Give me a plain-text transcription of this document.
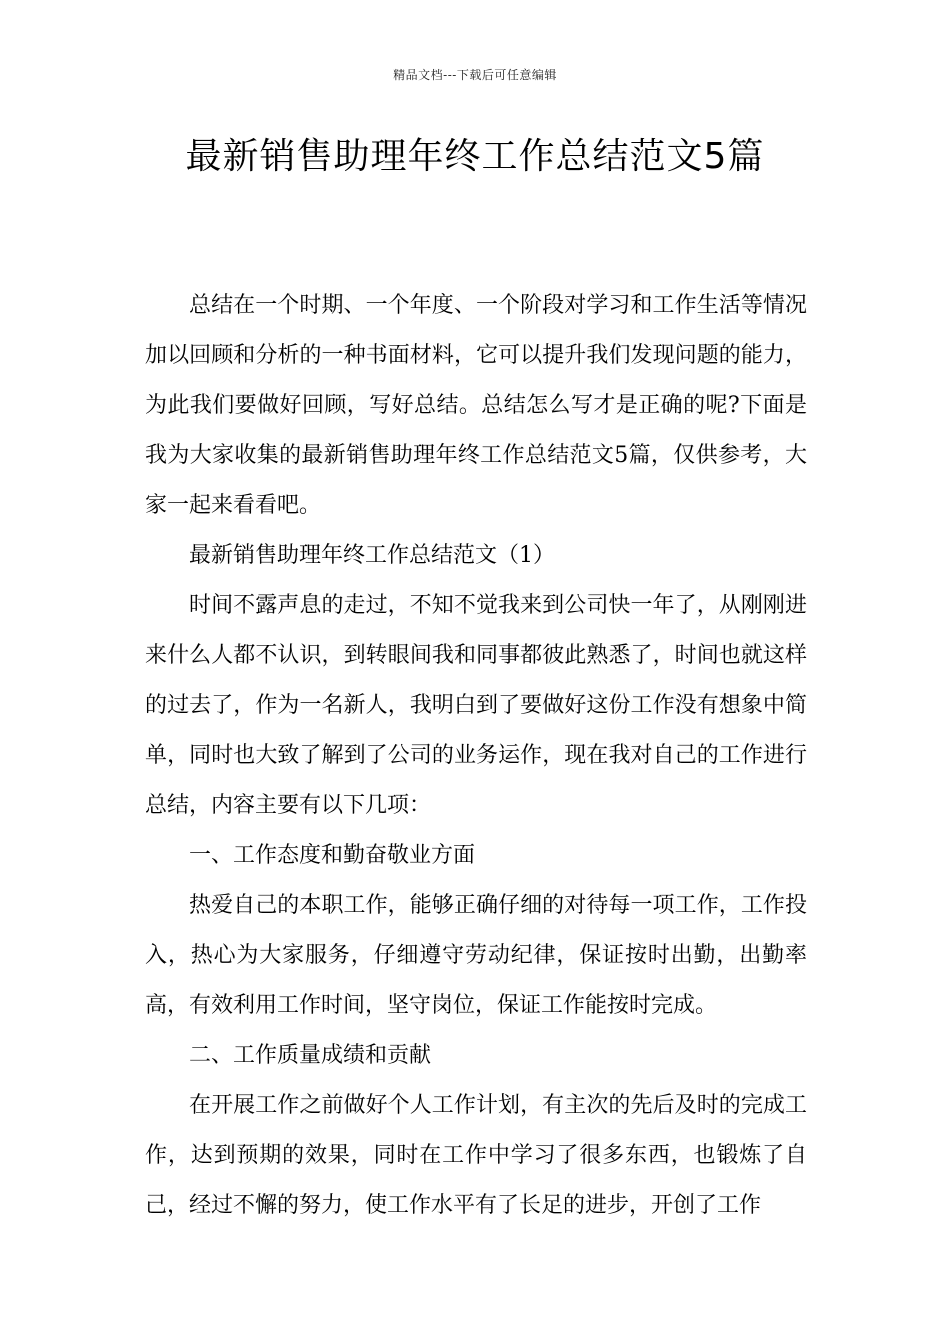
精品文档---下载后可任意编辑
最新销售助理年终工作总结范文5篇

总结在一个时期、一个年度、一个阶段对学习和工作生活等情况加以回顾和分析的一种书面材料，它可以提升我们发现问题的能力，为此我们要做好回顾，写好总结。总结怎么写才是正确的呢?下面是我为大家收集的最新销售助理年终工作总结范文5篇，仅供参考，大家一起来看看吧。

最新销售助理年终工作总结范文（1）

时间不露声息的走过，不知不觉我来到公司快一年了，从刚刚进来什么人都不认识，到转眼间我和同事都彼此熟悉了，时间也就这样的过去了，作为一名新人，我明白到了要做好这份工作没有想象中简单，同时也大致了解到了公司的业务运作，现在我对自己的工作进行总结，内容主要有以下几项：

一、工作态度和勤奋敬业方面

热爱自己的本职工作，能够正确仔细的对待每一项工作，工作投入，热心为大家服务，仔细遵守劳动纪律，保证按时出勤，出勤率高，有效利用工作时间，坚守岗位，保证工作能按时完成。

二、工作质量成绩和贡献

在开展工作之前做好个人工作计划，有主次的先后及时的完成工作，达到预期的效果，同时在工作中学习了很多东西，也锻炼了自己，经过不懈的努力，使工作水平有了长足的进步，开创了工作
